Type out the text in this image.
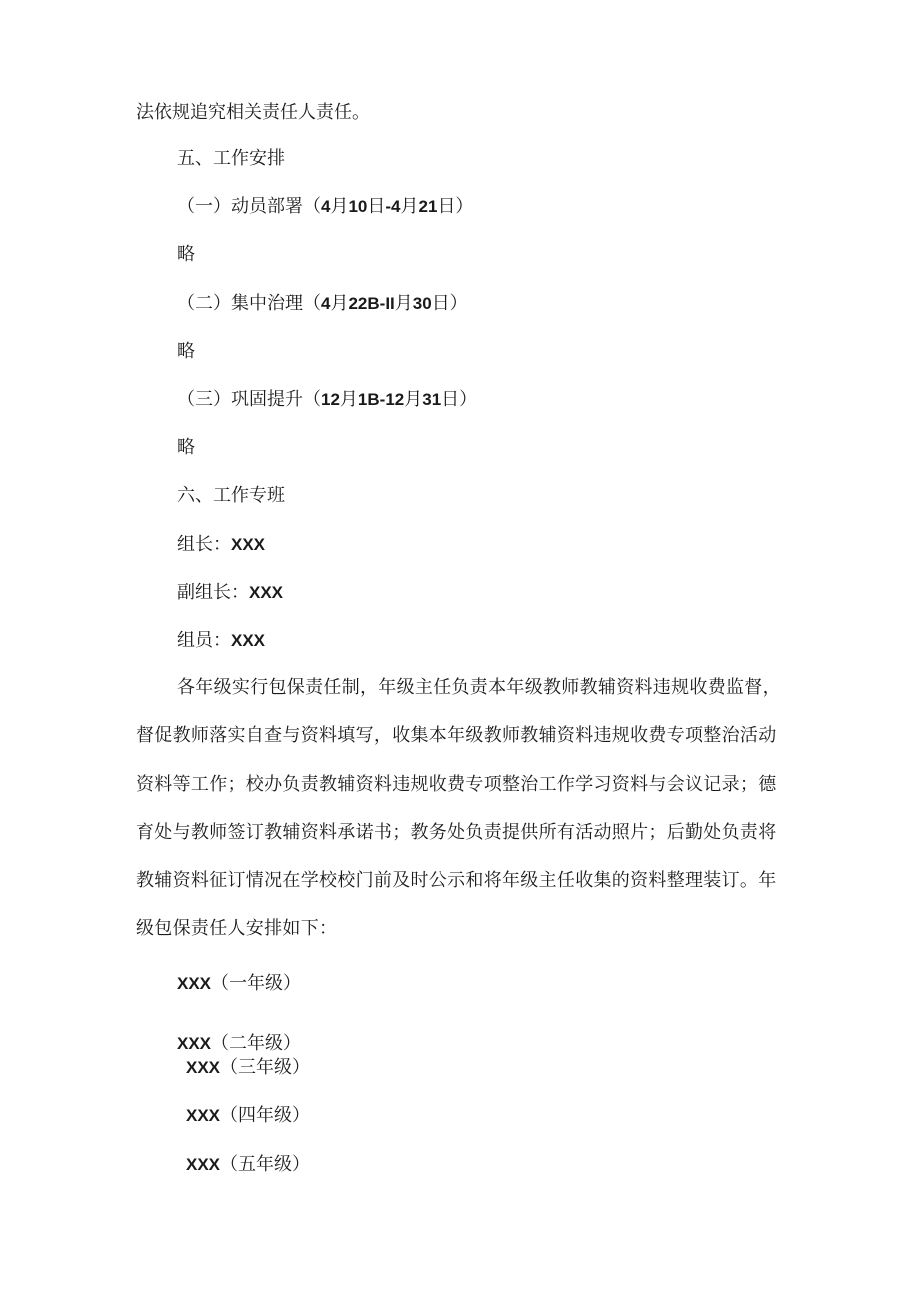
法依规追究相关责任人责任。
五、工作安排
（一）动员部署（4月10日-4月21日）
略
（二）集中治理（4月22B-II月30日）
略
（三）巩固提升（12月1B-12月31日）
略
六、工作专班
组长：XXX
副组长：XXX
组员：XXX
各年级实行包保责任制，年级主任负责本年级教师教辅资料违规收费监督，
督促教师落实自查与资料填写，收集本年级教师教辅资料违规收费专项整治活动
资料等工作；校办负责教辅资料违规收费专项整治工作学习资料与会议记录；德
育处与教师签订教辅资料承诺书；教务处负责提供所有活动照片；后勤处负责将
教辅资料征订情况在学校校门前及时公示和将年级主任收集的资料整理装订。年
级包保责任人安排如下：
XXX（一年级）
XXX（二年级）
XXX（三年级）
XXX（四年级）
XXX（五年级）
